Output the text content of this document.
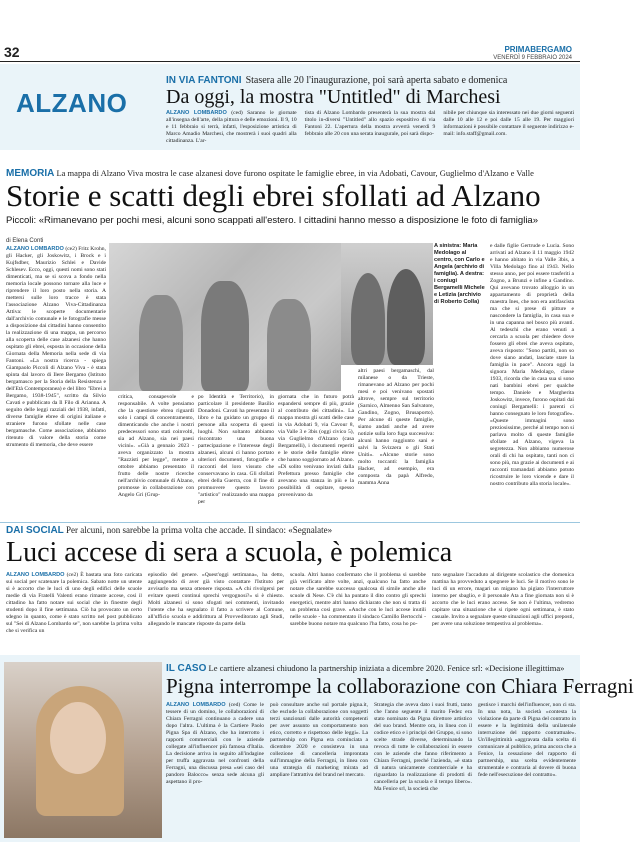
32	PRIMABERGAMO
VENERDÌ 9 FEBBRAIO 2024
ALZANO
IN VIA FANTONI Stasera alle 20 l'inaugurazione, poi sarà aperta sabato e domenica
Da oggi, la mostra "Untitled" di Marchesi
ALZANO LOMBARDO (ced) Saranno le giornate all'insegna dell'arte, della pittura e delle emozioni. Il 9, 10 e 11 febbraio si terrà, infatti, l'esposizione artistica di Marco Amadio Marchesi, che mostrerà i suoi quadri alla cittadinanza. L'ar-
tista di Alzano Lombardo presenterà la sua mostra dal titolo in-diversi "Untitled" allo spazio espositivo di via Fantoni 22. L'apertura della mostra avverrà venerdì 9 febbraio alle 20 con una serata inaugurale, poi sarà dispo-
nibile per chiunque sia interessato nei due giorni seguenti dalle 10 alle 12 e poi dalle 15 alle 19. Per maggiori informazioni è possibile contattare il seguente indirizzo e-mail: info.staff@gmail.com.
MEMORIA La mappa di Alzano Viva mostra le case alzanesi dove furono ospitate le famiglie ebree, in via Adobati, Cavour, Guglielmo d'Alzano e Valle
Storie e scatti degli ebrei sfollati ad Alzano
Piccoli: «Rimanevano per pochi mesi, alcuni sono scappati all'estero. I cittadini hanno messo a disposizione le foto di famiglia»
di Elena Conti
ALZANO LOMBARDO (ce2) Fritz Krohn, gli Hacker, gli Joskowitz, i Brock e i Kujfsdber, Maurizio Schlei e Davide Schlesev. Ecco, oggi, questi nomi sono stati dimenticati, ma se si scova a fondo nella memoria locale possono tornare alla luce e riprendere il loro posto nella storia. A mettersi sulle loro tracce è stata l'associazione Alzano Viva-Cittadinanza Attiva: le scoperte documentarie dall'archivio comunale e le fotografie messe a disposizione dai cittadini hanno consentito la realizzazione di una mappa, un percorso alla scoperta delle case alzanesi che hanno ospitato gli ebrei, esposta in occasione della Giornata della Memoria nella sede di via Fantoni. «La nostra ricerca - spiega Giampaolo Piccoli di Alzano Viva - è stata spinta dal lavoro di Ilere Bergamo (Istituto bergamasco per la Storia della Resistenza e dell'Età Contemporanea) e del libro "Ebrei a Bergamo, 1938-1945", scritto da Silvio Cavati e pubblicato da Il Filo di Arianna. A seguito delle leggi razziali del 1938, infatti, diverse famiglie ebree di origini italiane e straniere furono sfollate nelle case bergamasche. Come associazione, abbiamo ritenuto di valore della storia come strumento di memoria, che deve essere
A sinistra: Maria Medolago al centro, con Carlo e Angela (archivio di famiglia). A destra: i coniugi Bergamelli Michele e Letizia (archivio di Roberto Colla)
critica, consapevole e responsabile. A volte pensiamo che la questione ebrea riguardi solo i campi di concentramento, dimenticando che anche i nostri predecessori sono stati coinvolti, sia ad Alzano, sia nei paesi vicini». «Già a gennaio 2023 - aveva organizzato la mostra "Razzisti per legge", mentre a ottobre abbiamo presentato il frutto delle nostre ricerche nell'archivio comunale di Alzano, promosse in collaborazione con Angelo Gri (Grup-
po Identità e Territorio), in particolare il presidente Basilio Donadoni. Cavati ha presentato il libro e ha guidato un gruppo di persone alla scoperta di questi luoghi. Non soltanto abbiamo riscontrato una buona partecipazione e l'interesse degli alzanesi, alcuni ci hanno portato ulteriori documenti, fotografie e racconti del loro vissuto che conservavano in casa. Gli sfollati ebrei della Guerra, con il fine di promuovere questo lavoro "artistico" realizzando una mappa per
giornata che in futuro potrà espandersi sempre di più, grazie al contributo dei cittadini». La mappa mostra gli scatti delle case in via Adobati 9, via Cavour 8, via Valle 3 e 3bis (oggi civico 5), via Guglielmo d'Alzano (casa Bergamelli), i documenti reperiti e le storie delle famiglie ebree che hanno soggiornato ad Alzano. «Di solito venivano inviati dalla Prefettura presso famiglie che avevano una stanza in più e la possibilità di ospitare, spesso provenivano da
altri paesi bergamaschi, dal milanese o da Trieste, rimanevano ad Alzano per pochi mesi e poi venivano spostati altrove, sempre sul territorio (Sarnico, Almenno San Salvatore, Gandino, Zogno, Brusaporto). Per alcune di queste famiglie, siamo andati anche ad avere notizie sulla loro fuga successiva: alcuni hanno raggiunto sani e salvi la Svizzera o gli Stati Uniti». «Alcune storie sono molto toccanti: la famiglia Hacker, ad esempio, era composta da papà Alfredo, mamma Anna
e dalle figlie Gertrude e Lucia. Sono arrivati ad Alzano il 11 maggio 1942 e hanno abitato in via Valle 3bis, a Villa Medolago fino al 1943. Nello stesso anno, per poi essere trasferiti a Zogno, a Brunzi e infine a Gandino. Qui avevano trovato alloggio in un appartamento di proprietà della maestra Ines, che non era antifascista ma che si prese di pitture e nascondere la famiglia, in casa sua e in una capanna nel bosco più avanti. Al tedeschi che erano venuti a cercarla a scuola per chiedere dove fossero gli ebrei che aveva ospitato, aveva risposto: "Sono partiti, non so dove siano andati, lasciate stare la famiglia in pace". Ancora oggi la signora Maria Medolago, classe 1933, ricorda che in casa sua si sono nati bambini ebrei per qualche tempo. Daniele e Margherita Joskowitz, invece, furono ospitati dai coniugi Bergamelli: i parenti ci hanno consegnato le loro fotografie». «Queste immagini sono preziosissime, perché al tempo non si parlava molto di queste famiglie sfollate ad Alzano, vigeva la segretezza. Non abbiamo numerose orali di chi ha ospitato, tanti non ci sono più, ma grazie ai documenti e ai racconti tramandati abbiamo potuto ricostruire le loro vicende e dare il nostro contributo alla storia locale».
DAI SOCIAL Per alcuni, non sarebbe la prima volta che accade. Il sindaco: «Segnalate»
Luci accese di sera a scuola, è polemica
ALZANO LOMBARDO (ce2) È bastata una foto caricata sui social per scatenare la polemica. Sabato notte un utente si è accorto che le luci di uno degli edifici delle scuole medie di via Fratelli Valenti erano rimaste accese, così il cittadino ha fatto notare sui social che in finestre degli studenti dopo il fine settimana. Ciò ha provocato un certo sdegno in quanto, come è stato scritto nel post pubblicato sul "Sei di Alzano Lombardo se", non sarebbe la prima volta che si verifica un
episodio del genere. «Quest'oggi settimana», ha detto, aggiungendo di aver già visto contattare l'Istituto per avvisarlo ma senza ottenere risposta. «A chi rivolgersi per evitare questi continui sprechi vergognosi?» si è chiesto. Molti alzanesi si sono sfogati nei commenti, invitando l'utente che ha segnalato il fatto a scrivere al Comune, all'ufficio scuola e addirittura al Provveditorato agli Studi, allegando le mancate risposte da parte della
scuola. Altri hanno confermato che il problema si sarebbe già verificato altre volte, anzi, qualcuno ha fatto anche notare che sarebbe successo qualcosa di simile anche alle scuole di Nese. C'è chi ha puntato il dito contro gli sprechi energetici, mentre altri hanno dichiarato che non si tratta di un problema così grave. «Anche con le luci accese inutili nelle scuole - ha commentato il sindaco Camillo Bertocchi - sarebbe buono notare ma qualcuno l'ha fatto, cosa ho po-
tuto segnalare l'accaduto al dirigente scolastico che domenica mattina ha provveduto a spegnere le luci. Se il motivo sono le luci di un errore, magari un migano ha pigiato l'interruttore interno per sbaglio, e il personale Ata a fine giornata non si è accorto che le luci erano accese. Se non è l'ultima, vedremo capitare una situazione che si ripete ogni settimana, è stato casuale. Invito a segnalare queste situazioni agli uffici preposti, per avere una soluzione tempestiva al problema».
IL CASO Le cartiere alzanesi chiudono la partnership iniziata a dicembre 2020. Fenice srl: «Decisione illegittima»
Pigna interrompe la collaborazione con Chiara Ferragni
ALZANO LOMBARDO (ced) Come le tessere di un domino, le collaborazioni di Chiara Ferragni continuano a cadere una dopo l'altra. L'ultima è la Cartiere Paolo Pigna Spa di Alzano, che ha interrotto i rapporti commerciali con le aziende collegate all'influencer più famosa d'Italia. La decisione arriva in seguito all'indagine per truffa aggravata nel confronti della Ferragni, una discussa presa «sei caso del pandoro Balocco» senza sede alcuna gli aspettano il pro-
può consultare anche sul portale pigna.it, che esclude la collaborazione con soggetti terzi sanzionati dalle autorità competenti per aver assunto un comportamento non etico, corretto e rispettoso delle leggi». La partnership con Pigna era cominciata a dicembre 2020 e consisteva in una collezione di cancelleria improntata sull'immagine della Ferragni, in linea con una strategia di marketing mirata ad ampliare l'attrattiva del brand nel mercato.
Strategia che aveva dato i suoi frutti, tanto che l'anno seguente il marito Fedez era stato nominato da Pigna direttore artistico del suo brand. Mentre ora, in linea con il codice etico e i principi del Gruppo, si sono scelte strade diverse, determinando la revoca di tutte le collaborazioni in essere con le aziende che fanno riferimento a Chiara Ferragni, preché l'azienda, «è stata di natura unicamente commerciale e ha riguardato la realizzazione di prodotti di cancelleria per la scuola e il tempo libero». Ma Fenice srl, la società che
gestisce i marchi dell'influencer, non ci sta. In una nota, la società «contesta la violazione da parte di Pigna del contratto in essere e la legittimità della unilaterale interruzione del rapporto contrattuale». Un'illegittimità «aggravata dalla scelta di comunicare al pubblico, prima ancora che a Fenice, la cessazione del rapporto di partnership, una scelta evidentemente strumentale e contraria al dovere di buona fede nell'esecuzione del contratto».
